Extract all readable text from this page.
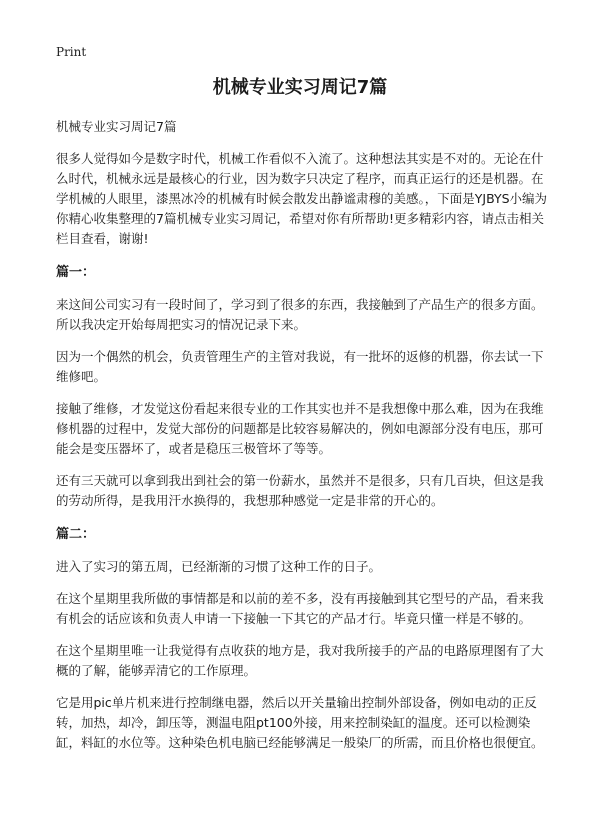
Print
机械专业实习周记7篇

机械专业实习周记7篇

很多人觉得如今是数字时代，机械工作看似不入流了。这种想法其实是不对的。无论在什么时代，机械永远是最核心的行业，因为数字只决定了程序，而真正运行的还是机器。在学机械的人眼里，漆黑冰冷的机械有时候会散发出静谧肃穆的美感。，下面是YJBYS小编为你精心收集整理的7篇机械专业实习周记，希望对你有所帮助!更多精彩内容，请点击相关栏目查看，谢谢!

篇一：

来这间公司实习有一段时间了，学习到了很多的东西，我接触到了产品生产的很多方面。所以我决定开始每周把实习的情况记录下来。

因为一个偶然的机会，负责管理生产的主管对我说，有一批坏的返修的机器，你去试一下维修吧。

接触了维修，才发觉这份看起来很专业的工作其实也并不是我想像中那么难，因为在我维修机器的过程中，发觉大部份的问题都是比较容易解决的，例如电源部分没有电压，那可能会是变压器坏了，或者是稳压三极管坏了等等。

还有三天就可以拿到我出到社会的第一份薪水，虽然并不是很多，只有几百块，但这是我的劳动所得，是我用汗水换得的，我想那种感觉一定是非常的开心的。

篇二：

进入了实习的第五周，已经渐渐的习惯了这种工作的日子。

在这个星期里我所做的事情都是和以前的差不多，没有再接触到其它型号的产品，看来我有机会的话应该和负责人申请一下接触一下其它的产品才行。毕竟只懂一样是不够的。

在这个星期里唯一让我觉得有点收获的地方是，我对我所接手的产品的电路原理图有了大概的了解，能够弄清它的工作原理。

它是用pic单片机来进行控制继电器，然后以开关量输出控制外部设备，例如电动的正反转，加热，却冷，卸压等，测温电阻pt100外接，用来控制染缸的温度。还可以检测染缸，料缸的水位等。这种染色机电脑已经能够满足一般染厂的所需，而且价格也很便宜。
